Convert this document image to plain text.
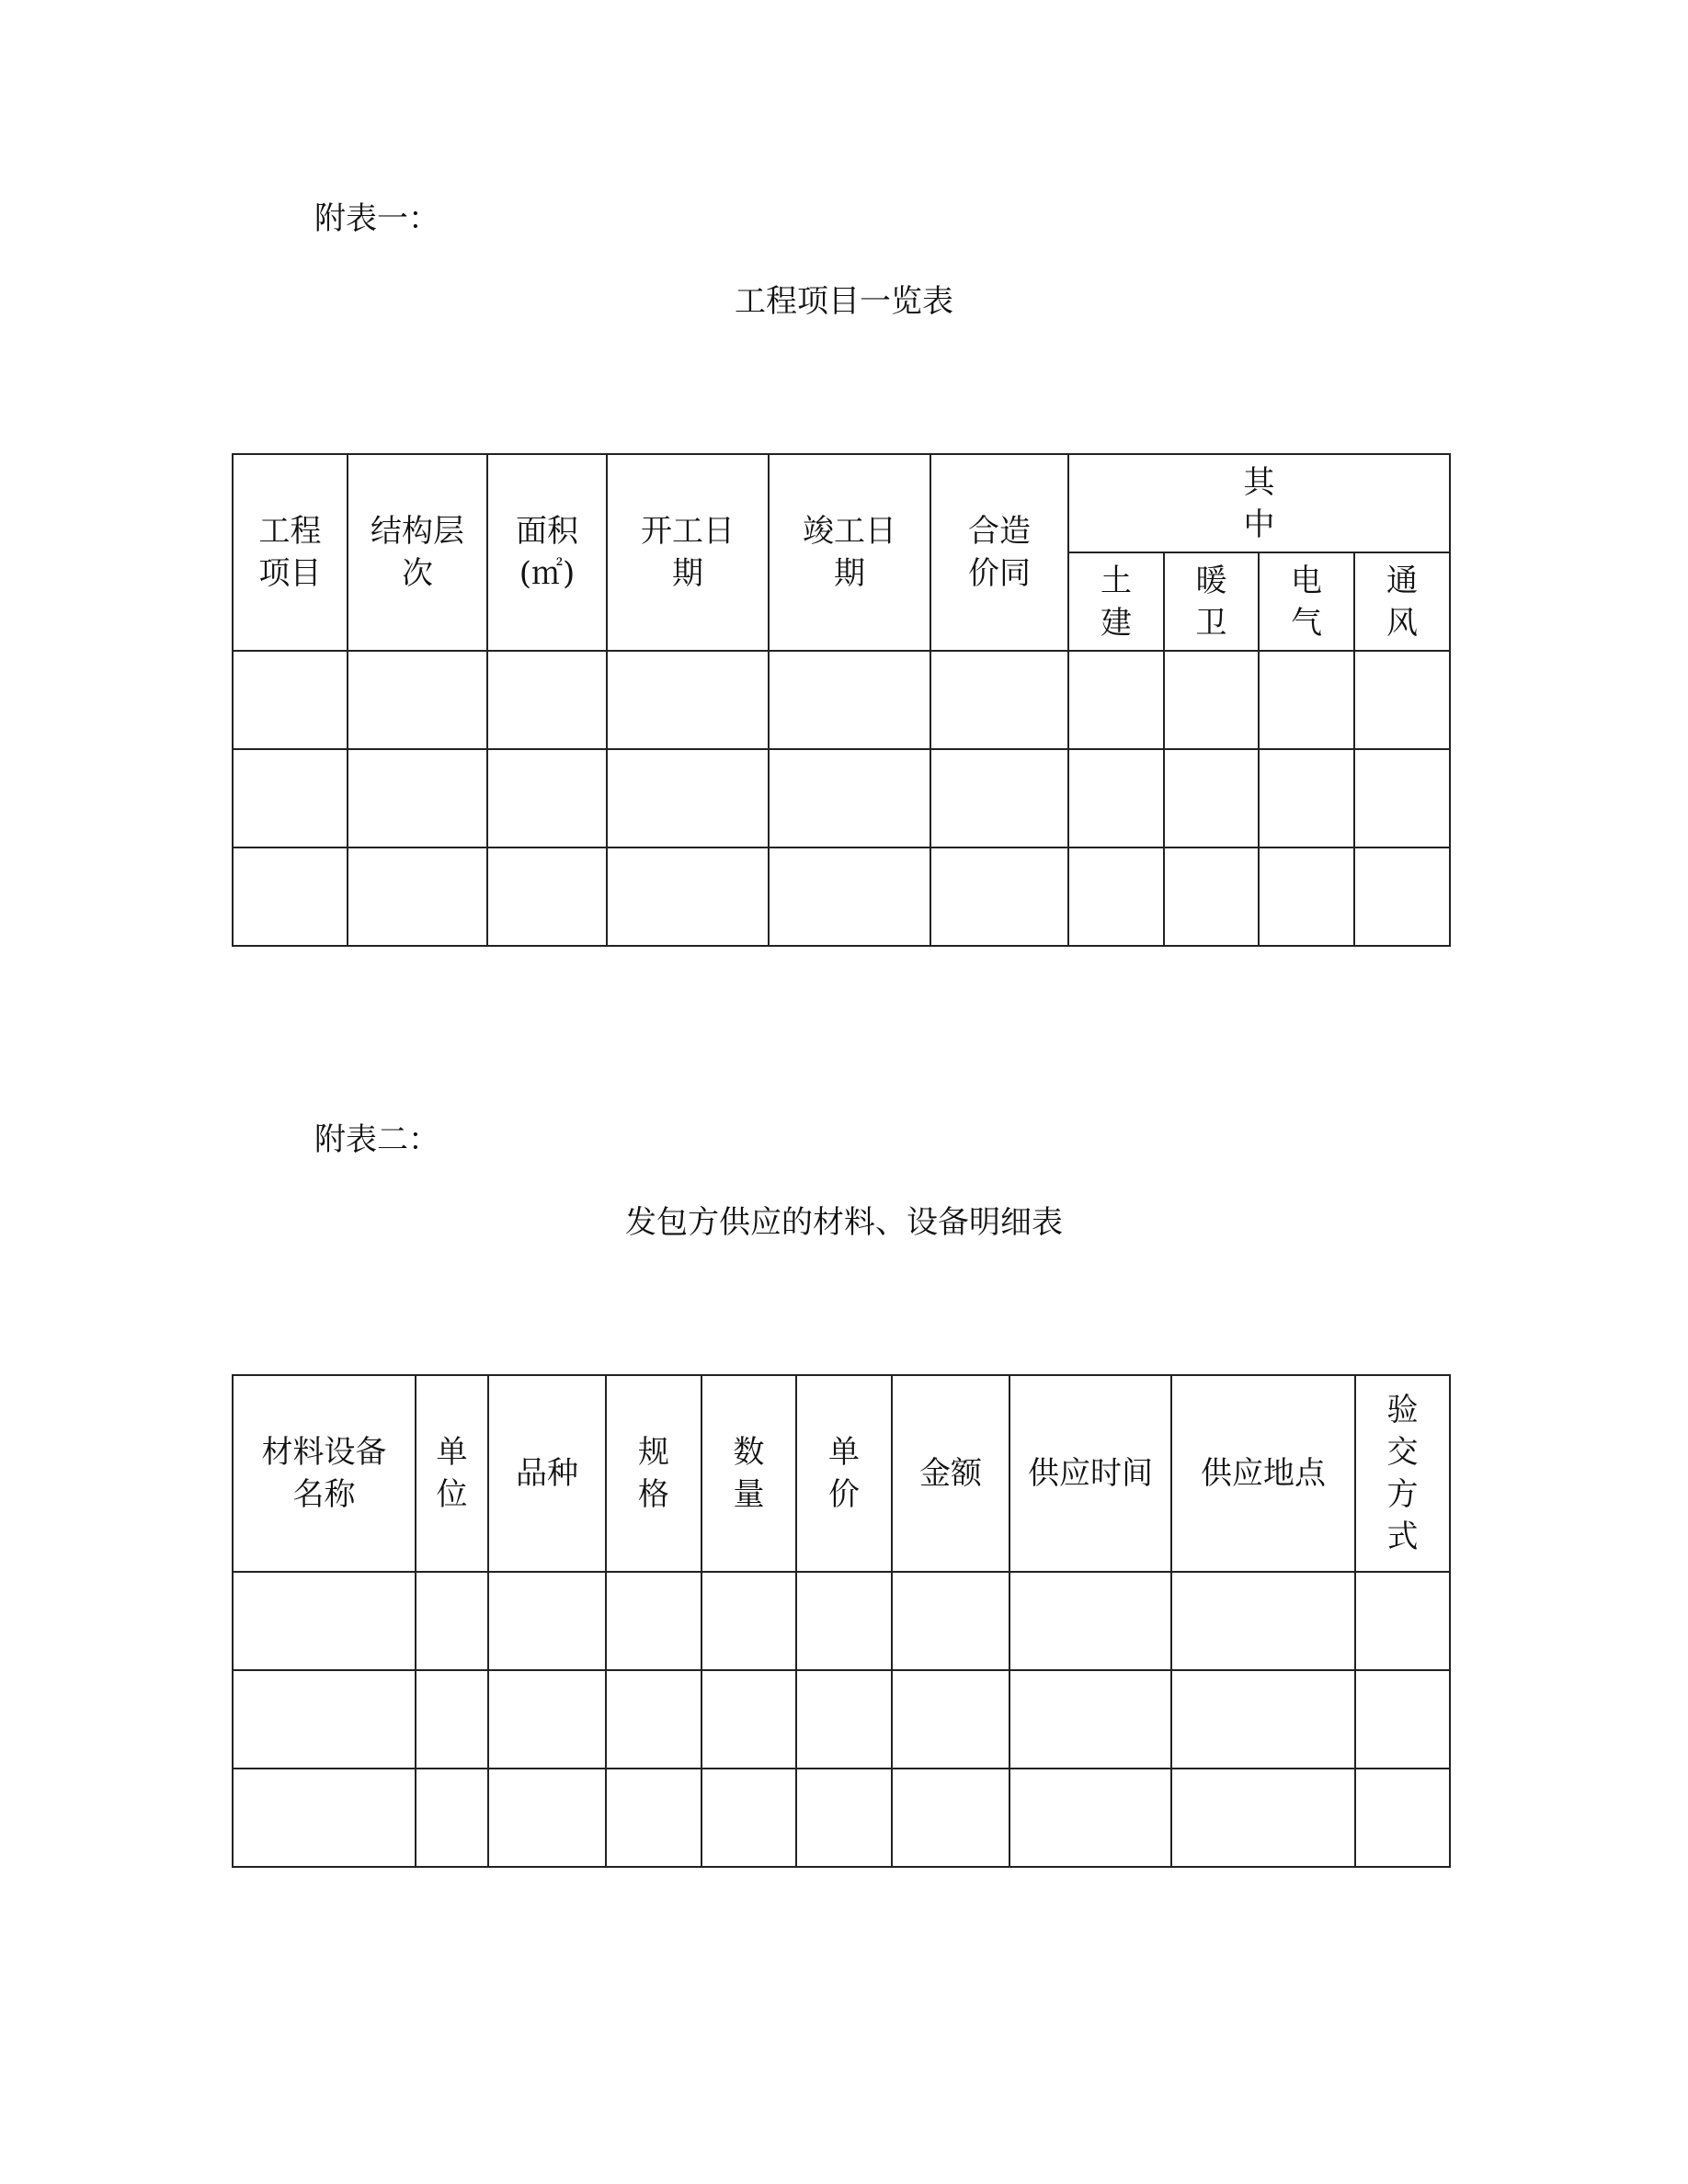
附表一：
工程项目一览表
工程项目	结构层次	面积(㎡)	开工日期	竣工日期	合造价同	其中			
						土建	暖卫	电气	通风

附表二：
发包方供应的材料、设备明细表
材料设备名称	单位	品种	规格	数量	单价	金额	供应时间	供应地点	验交方式
